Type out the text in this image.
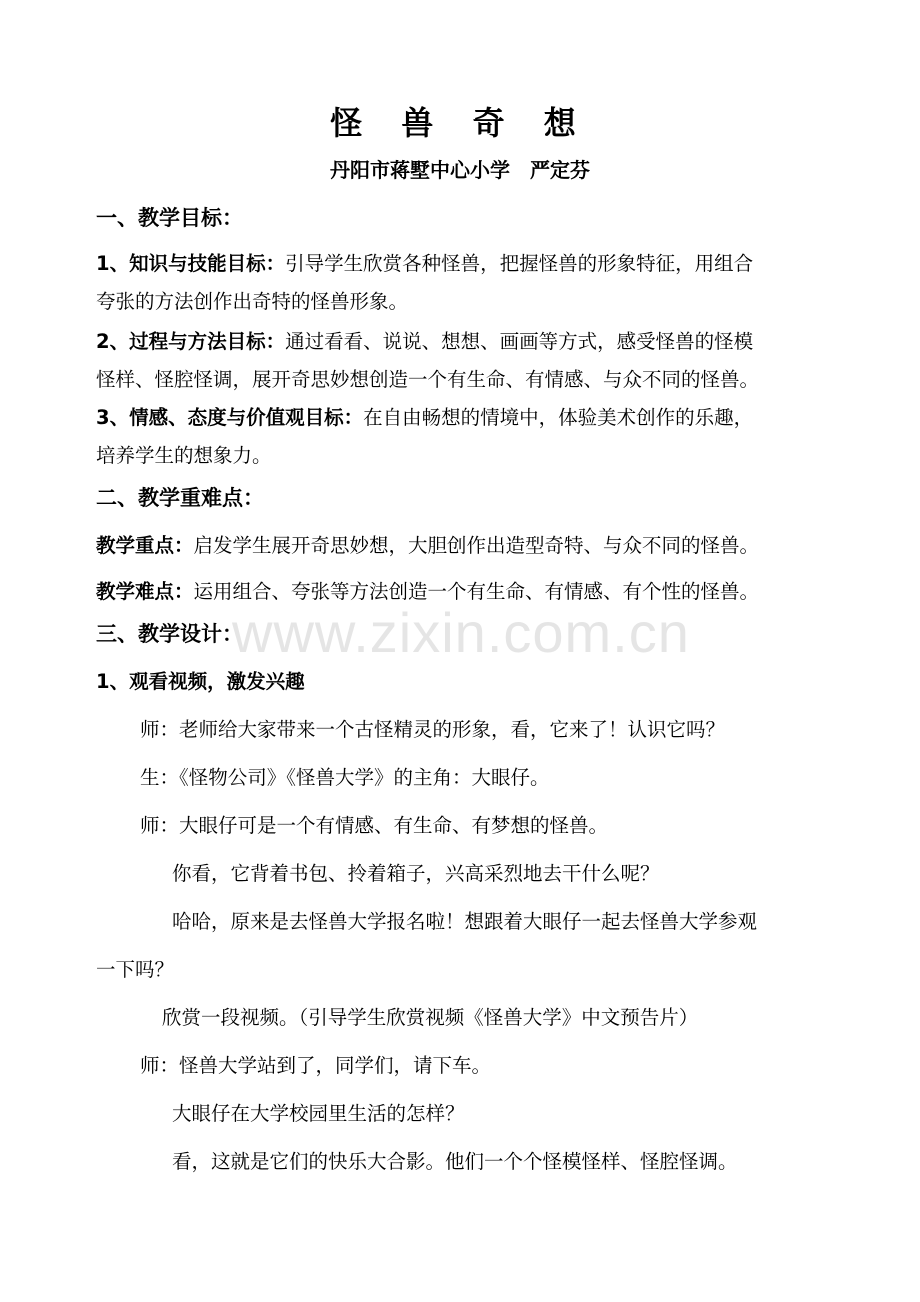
怪 兽 奇 想
丹阳市蒋墅中心小学　严定芬
一、教学目标：
1、知识与技能目标：引导学生欣赏各种怪兽，把握怪兽的形象特征，用组合
夸张的方法创作出奇特的怪兽形象。
2、过程与方法目标：通过看看、说说、想想、画画等方式，感受怪兽的怪模
怪样、怪腔怪调，展开奇思妙想创造一个有生命、有情感、与众不同的怪兽。
3、情感、态度与价值观目标：在自由畅想的情境中，体验美术创作的乐趣，
培养学生的想象力。
二、教学重难点：
教学重点：启发学生展开奇思妙想，大胆创作出造型奇特、与众不同的怪兽。
教学难点：运用组合、夸张等方法创造一个有生命、有情感、有个性的怪兽。
三、教学设计：
1、观看视频，激发兴趣
师：老师给大家带来一个古怪精灵的形象，看，它来了！认识它吗？
生：《怪物公司》《怪兽大学》的主角：大眼仔。
师：大眼仔可是一个有情感、有生命、有梦想的怪兽。
你看，它背着书包、拎着箱子，兴高采烈地去干什么呢？
哈哈，原来是去怪兽大学报名啦！想跟着大眼仔一起去怪兽大学参观
一下吗？
欣赏一段视频。（引导学生欣赏视频《怪兽大学》中文预告片）
师：怪兽大学站到了，同学们，请下车。
大眼仔在大学校园里生活的怎样？
看，这就是它们的快乐大合影。他们一个个怪模怪样、怪腔怪调。
www.zixin.com.cn
